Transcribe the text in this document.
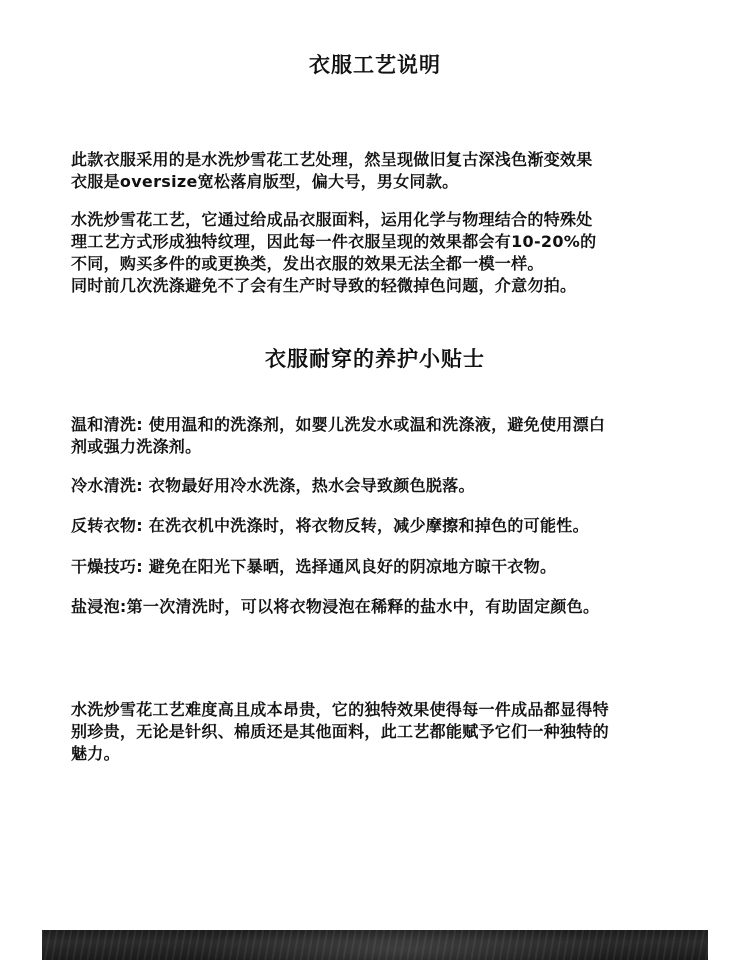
衣服工艺说明
此款衣服采用的是水洗炒雪花工艺处理，然呈现做旧复古深浅色渐变效果
衣服是oversize宽松落肩版型，偏大号，男女同款。
水洗炒雪花工艺，它通过给成品衣服面料，运用化学与物理结合的特殊处
理工艺方式形成独特纹理，因此每一件衣服呈现的效果都会有10-20%的
不同，购买多件的或更换类，发出衣服的效果无法全都一模一样。
同时前几次洗涤避免不了会有生产时导致的轻微掉色问题，介意勿拍。
衣服耐穿的养护小贴士
温和清洗: 使用温和的洗涤剂，如婴儿洗发水或温和洗涤液，避免使用漂白
剂或强力洗涤剂。
冷水清洗: 衣物最好用冷水洗涤，热水会导致颜色脱落。
反转衣物: 在洗衣机中洗涤时，将衣物反转，减少摩擦和掉色的可能性。
干燥技巧: 避免在阳光下暴晒，选择通风良好的阴凉地方晾干衣物。
盐浸泡:第一次清洗时，可以将衣物浸泡在稀释的盐水中，有助固定颜色。
水洗炒雪花工艺难度高且成本昂贵，它的独特效果使得每一件成品都显得特
别珍贵，无论是针织、棉质还是其他面料，此工艺都能赋予它们一种独特的
魅力。
